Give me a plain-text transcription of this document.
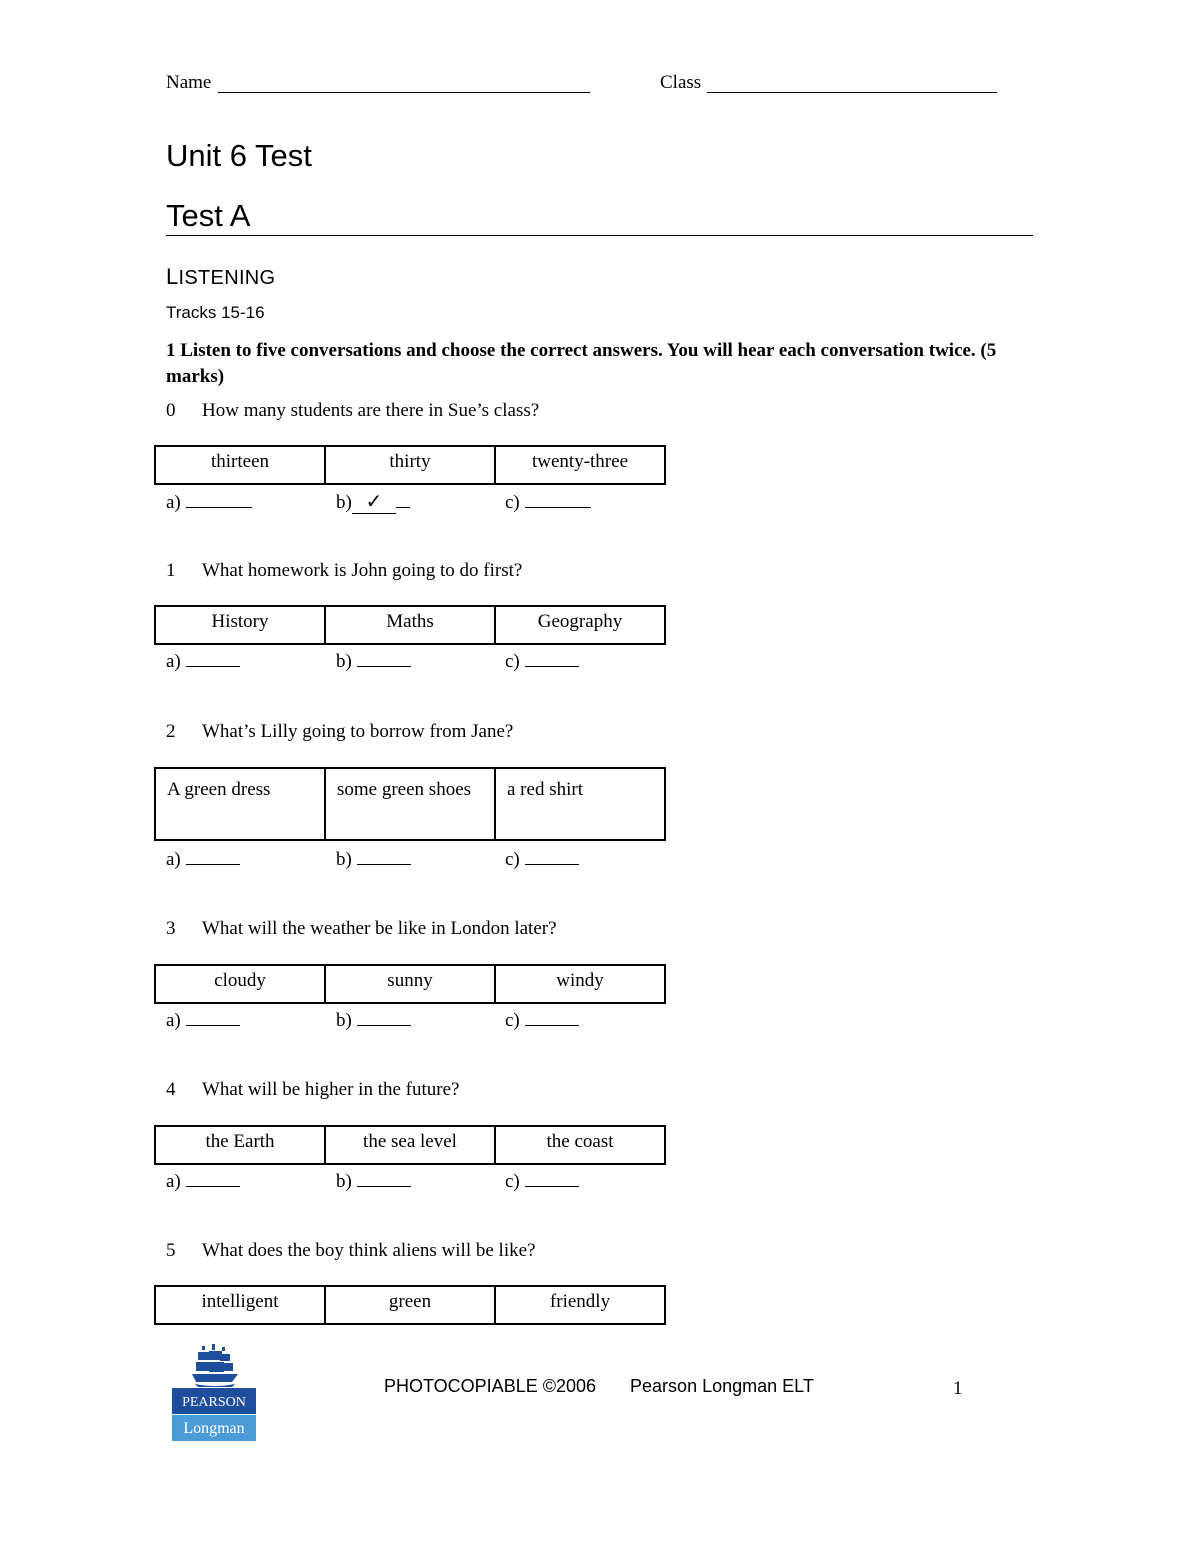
Name	Class
Unit 6 Test
Test A
LISTENING
Tracks 15-16
1 Listen to five conversations and choose the correct answers. You will hear each conversation twice. (5 marks)
0 How many students are there in Sue’s class?
thirteen	thirty	twenty-three
a)	b) ✓	c)
1 What homework is John going to do first?
History	Maths	Geography
a)	b)	c)
2 What’s Lilly going to borrow from Jane?
A green dress	some green shoes	a red shirt
a)	b)	c)
3 What will the weather be like in London later?
cloudy	sunny	windy
a)	b)	c)
4 What will be higher in the future?
the Earth	the sea level	the coast
a)	b)	c)
5 What does the boy think aliens will be like?
intelligent	green	friendly
PEARSON
Longman
PHOTOCOPIABLE ©2006 Pearson Longman ELT	1
